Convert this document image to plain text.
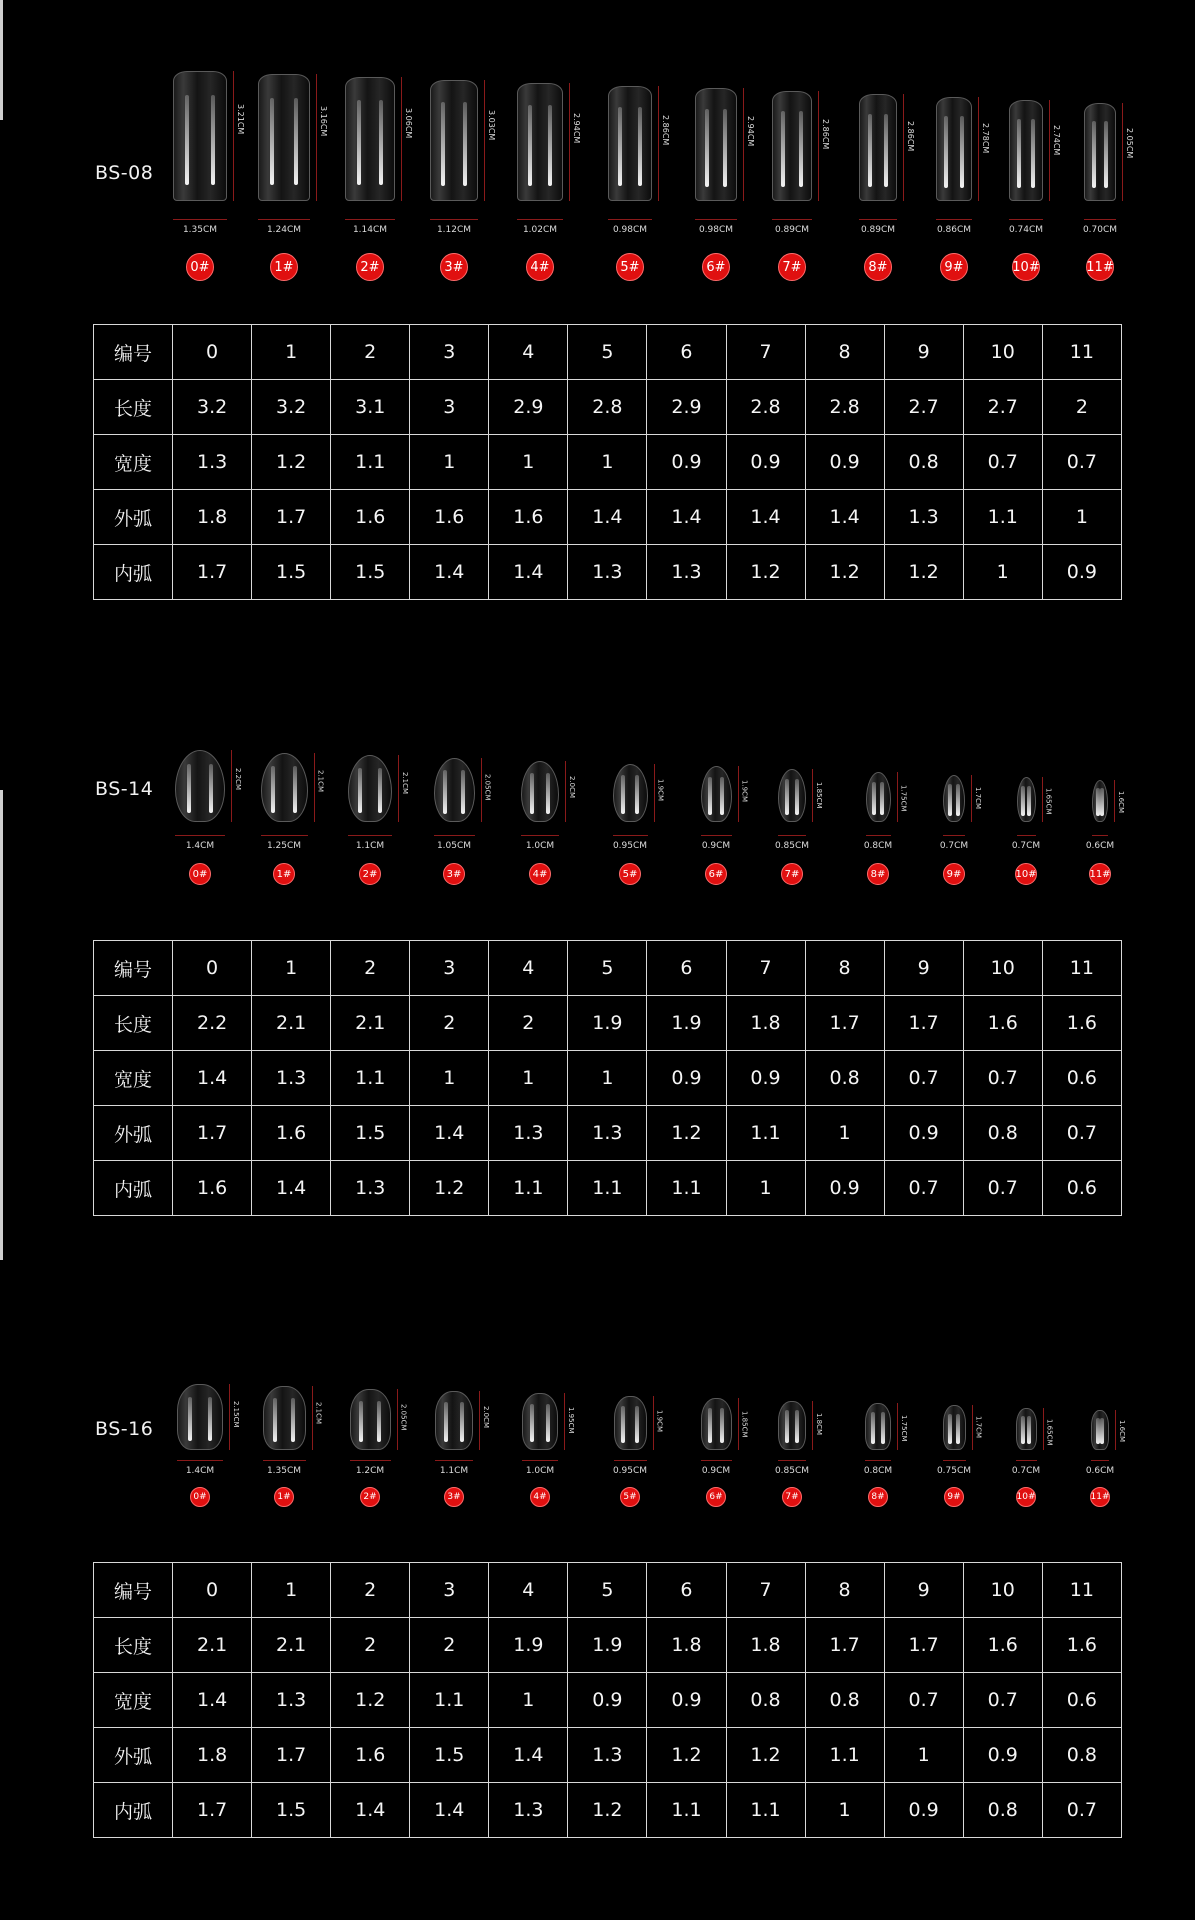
BS-08
3.21CM
1.35CM
0#
3.16CM
1.24CM
1#
3.06CM
1.14CM
2#
3.03CM
1.12CM
3#
2.94CM
1.02CM
4#
2.86CM
0.98CM
5#
2.94CM
0.98CM
6#
2.86CM
0.89CM
7#
2.86CM
0.89CM
8#
2.78CM
0.86CM
9#
2.74CM
0.74CM
10#
2.05CM
0.70CM
11#
编号	0	1	2	3	4	5	6	7	8	9	10	11
长度	3.2	3.2	3.1	3	2.9	2.8	2.9	2.8	2.8	2.7	2.7	2
宽度	1.3	1.2	1.1	1	1	1	0.9	0.9	0.9	0.8	0.7	0.7
外弧	1.8	1.7	1.6	1.6	1.6	1.4	1.4	1.4	1.4	1.3	1.1	1
内弧	1.7	1.5	1.5	1.4	1.4	1.3	1.3	1.2	1.2	1.2	1	0.9
BS-14	2.2CM
1.4CM
0#
2.1CM
1.25CM
1#
2.1CM
1.1CM
2#
2.05CM
1.05CM
3#
2.0CM
1.0CM
4#
1.9CM
0.95CM
5#
1.9CM
0.9CM
6#
1.85CM
0.85CM
7#
1.75CM
0.8CM
8#
1.7CM
0.7CM
9#
1.65CM
0.7CM
10#
1.6CM
0.6CM
11#
编号	0	1	2	3	4	5	6	7	8	9	10	11
长度	2.2	2.1	2.1	2	2	1.9	1.9	1.8	1.7	1.7	1.6	1.6
宽度	1.4	1.3	1.1	1	1	1	0.9	0.9	0.8	0.7	0.7	0.6
外弧	1.7	1.6	1.5	1.4	1.3	1.3	1.2	1.1	1	0.9	0.8	0.7
内弧	1.6	1.4	1.3	1.2	1.1	1.1	1.1	1	0.9	0.7	0.7	0.6
BS-16
2.15CM
1.4CM
0#
2.1CM
1.35CM
1#
2.05CM
1.2CM
2#
2.0CM
1.1CM
3#
1.95CM
1.0CM
4#
1.9CM
0.95CM
5#
1.85CM
0.9CM
6#
1.8CM
0.85CM
7#
1.75CM
0.8CM
8#
1.7CM
0.75CM
9#
1.65CM
0.7CM
10#
1.6CM
0.6CM
11#
编号	0	1	2	3	4	5	6	7	8	9	10	11
长度	2.1	2.1	2	2	1.9	1.9	1.8	1.8	1.7	1.7	1.6	1.6
宽度	1.4	1.3	1.2	1.1	1	0.9	0.9	0.8	0.8	0.7	0.7	0.6
外弧	1.8	1.7	1.6	1.5	1.4	1.3	1.2	1.2	1.1	1	0.9	0.8
内弧	1.7	1.5	1.4	1.4	1.3	1.2	1.1	1.1	1	0.9	0.8	0.7
